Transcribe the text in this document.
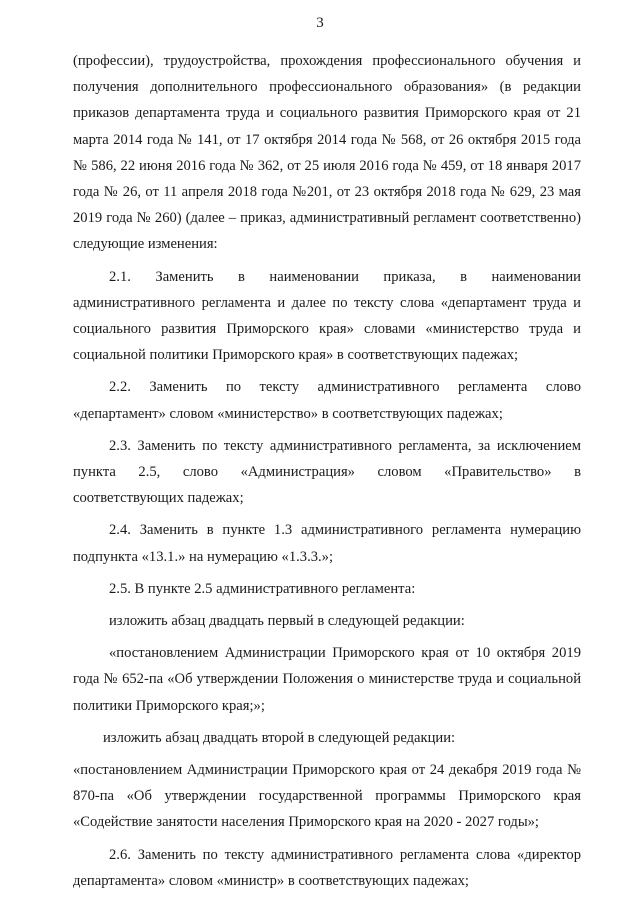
3

(профессии), трудоустройства, прохождения профессионального обучения и получения дополнительного профессионального образования» (в редакции приказов департамента труда и социального развития Приморского края от 21 марта 2014 года № 141, от 17 октября 2014 года № 568, от 26 октября 2015 года № 586, 22 июня 2016 года № 362, от 25 июля 2016 года № 459, от 18 января 2017 года № 26, от 11 апреля 2018 года №201, от 23 октября 2018 года № 629, 23 мая 2019 года № 260) (далее – приказ, административный регламент соответственно) следующие изменения:

2.1. Заменить в наименовании приказа, в наименовании административного регламента и далее по тексту слова «департамент труда и социального развития Приморского края» словами «министерство труда и социальной политики Приморского края» в соответствующих падежах;

2.2. Заменить по тексту административного регламента слово «департамент» словом «министерство» в соответствующих падежах;

2.3. Заменить по тексту административного регламента, за исключением пункта 2.5, слово «Администрация» словом «Правительство» в соответствующих падежах;

2.4. Заменить в пункте 1.3 административного регламента нумерацию подпункта «13.1.» на нумерацию «1.3.3.»;

2.5. В пункте 2.5 административного регламента:

изложить абзац двадцать первый в следующей редакции:

«постановлением Администрации Приморского края от 10 октября 2019 года № 652-па «Об утверждении Положения о министерстве труда и социальной политики Приморского края;»;

изложить абзац двадцать второй в следующей редакции:

«постановлением Администрации Приморского края от 24 декабря 2019 года № 870-па «Об утверждении государственной программы Приморского края «Содействие занятости населения Приморского края на 2020 - 2027 годы»;

2.6. Заменить по тексту административного регламента слова «директор департамента» словом «министр» в соответствующих падежах;
